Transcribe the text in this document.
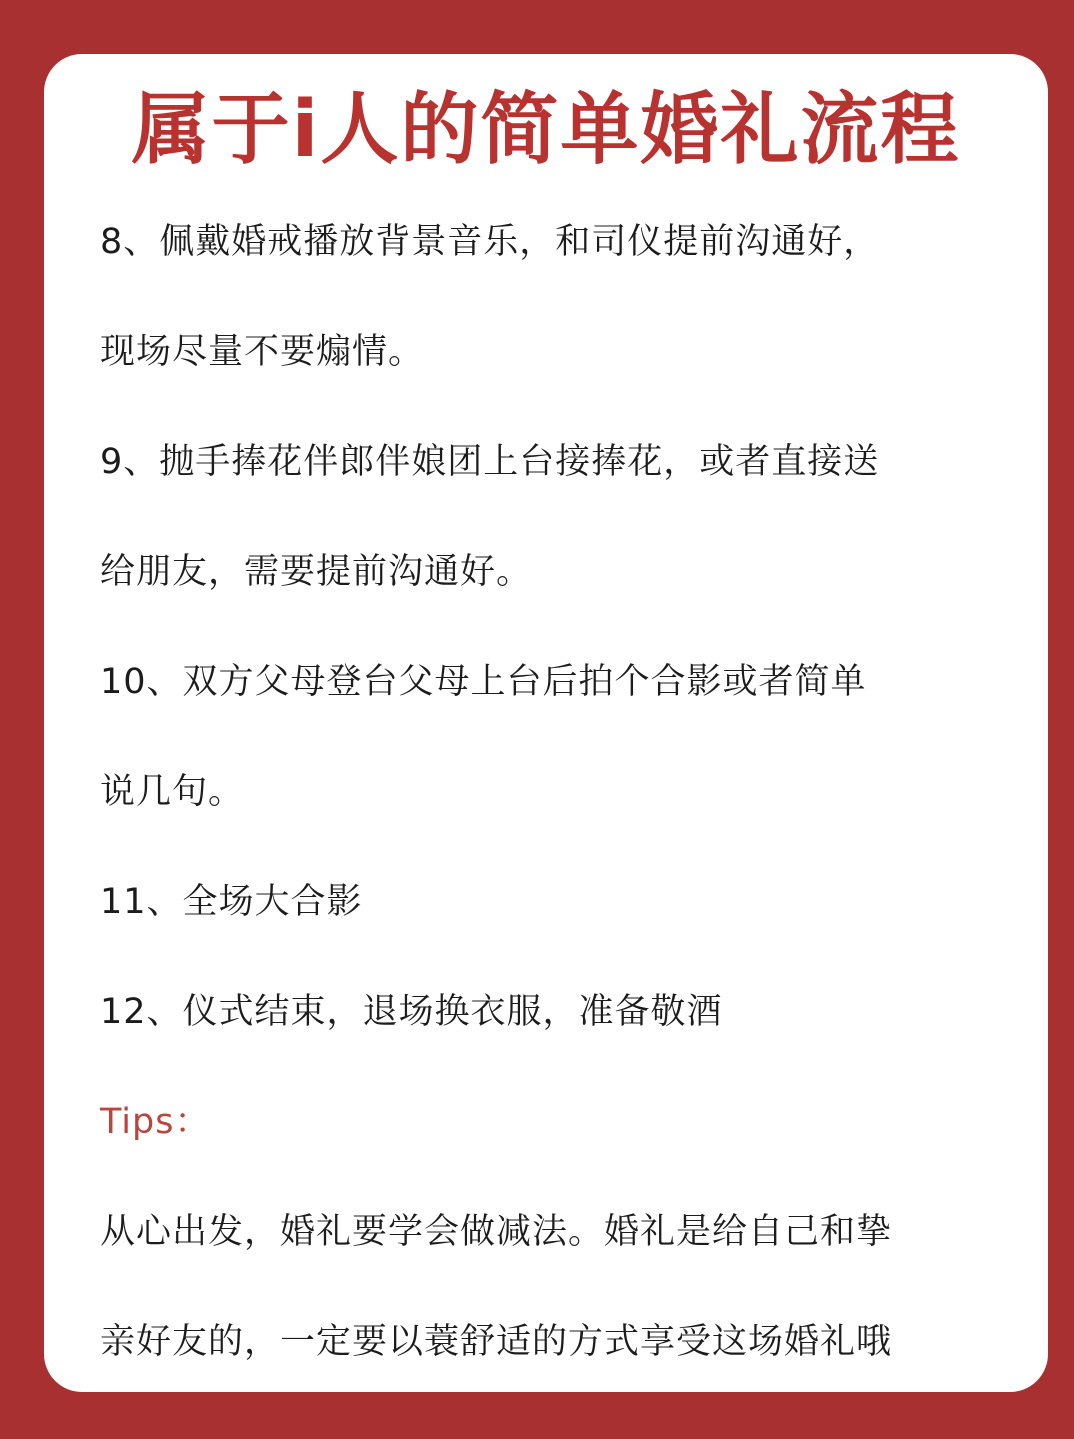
属于i人的简单婚礼流程
8、佩戴婚戒播放背景音乐，和司仪提前沟通好，
现场尽量不要煽情。
9、抛手捧花伴郎伴娘团上台接捧花，或者直接送
给朋友，需要提前沟通好。
10、双方父母登台父母上台后拍个合影或者简单
说几句。
11、全场大合影
12、仪式结束，退场换衣服，准备敬酒
Tips：
从心出发，婚礼要学会做减法。婚礼是给自己和挚
亲好友的，一定要以蓑舒适的方式享受这场婚礼哦
